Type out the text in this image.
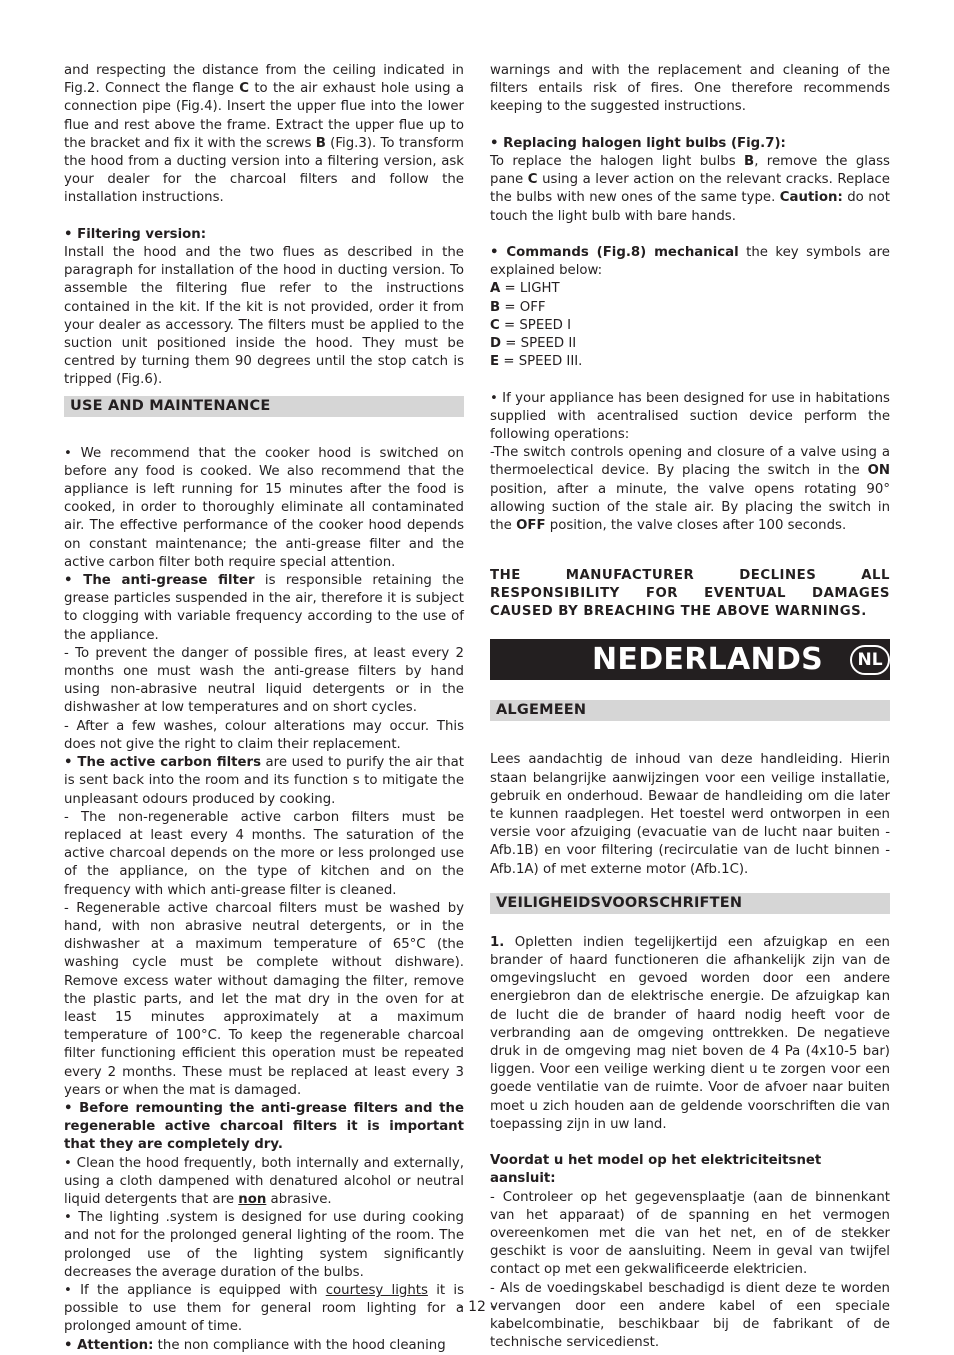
and respecting the distance from the ceiling indicated in Fig.2. Connect the flange C to the air exhaust hole using a connection pipe (Fig.4). Insert the upper flue into the lower flue and rest above the frame. Extract the upper flue up to the bracket and fix it with the screws B (Fig.3). To transform the hood from a ducting version into a filtering version, ask your dealer for the charcoal filters and follow the installation instructions.

• Filtering version:

Install the hood and the two flues as described in the paragraph for installation of the hood in ducting version. To assemble the filtering flue refer to the instructions contained in the kit. If the kit is not provided, order it from your dealer as accessory. The filters must be applied to the suction unit positioned inside the hood. They must be centred by turning them 90 degrees until the stop catch is tripped (Fig.6).

USE AND MAINTENANCE

• We recommend that the cooker hood is switched on before any food is cooked. We also recommend that the appliance is left running for 15 minutes after the food is cooked, in order to thoroughly eliminate all contaminated air. The effective performance of the cooker hood depends on constant maintenance; the anti-grease filter and the active carbon filter both require special attention.

• The anti-grease filter is responsible retaining the grease particles suspended in the air, therefore it is subject to clogging with variable frequency according to the use of the appliance.

- To prevent the danger of possible fires, at least every 2 months one must wash the anti-grease filters by hand using non-abrasive neutral liquid detergents or in the dishwasher at low temperatures and on short cycles.

- After a few washes, colour alterations may occur. This does not give the right to claim their replacement.

• The active carbon filters are used to purify the air that is sent back into the room and its function s to mitigate the unpleasant odours produced by cooking.

- The non-regenerable active carbon filters must be replaced at least every 4 months. The saturation of the active charcoal depends on the more or less prolonged use of the appliance, on the type of kitchen and on the frequency with which anti-grease filter is cleaned.

- Regenerable active charcoal filters must be washed by hand, with non abrasive neutral detergents, or in the dishwasher at a maximum temperature of 65°C (the washing cycle must be complete without dishware). Remove excess water without damaging the filter, remove the plastic parts, and let the mat dry in the oven for at least 15 minutes approximately at a maximum temperature of 100°C. To keep the regenerable charcoal filter functioning efficient this operation must be repeated every 2 months. These must be replaced at least every 3 years or when the mat is damaged.

• Before remounting the anti-grease filters and the regenerable active charcoal filters it is important that they are completely dry.

• Clean the hood frequently, both internally and externally, using a cloth dampened with denatured alcohol or neutral liquid detergents that are non abrasive.

• The lighting .system is designed for use during cooking and not for the prolonged general lighting of the room. The prolonged use of the lighting system significantly decreases the average duration of the bulbs.

• If the appliance is equipped with courtesy lights it is possible to use them for general room lighting for a prolonged amount of time.

• Attention: the non compliance with the hood cleaning

warnings and with the replacement and cleaning of the filters entails risk of fires. One therefore recommends keeping to the suggested instructions.

• Replacing halogen light bulbs (Fig.7):

To replace the halogen light bulbs B, remove the glass pane C using a lever action on the relevant cracks. Replace the bulbs with new ones of the same type. Caution: do not touch the light bulb with bare hands.

• Commands (Fig.8) mechanical the key symbols are explained below:

A = LIGHT

B = OFF

C = SPEED I

D = SPEED II

E = SPEED III.

• If your appliance has been designed for use in habitations supplied with acentralised suction device perform the following operations:

-The switch controls opening and closure of a valve using a thermoelectical device. By placing the switch in the ON position, after a minute, the valve opens rotating 90° allowing suction of the stale air. By placing the switch in the OFF position, the valve closes after 100 seconds.

THE MANUFACTURER DECLINES ALL RESPONSIBILITY FOR EVENTUAL DAMAGES CAUSED BY BREACHING THE ABOVE WARNINGS.

NEDERLANDS	NL
ALGEMEEN

Lees aandachtig de inhoud van deze handleiding. Hierin staan belangrijke aanwijzingen voor een veilige installatie, gebruik en onderhoud. Bewaar de handleiding om die later te kunnen raadplegen. Het toestel werd ontworpen in een versie voor afzuiging (evacuatie van de lucht naar buiten - Afb.1B) en voor filtering (recirculatie van de lucht binnen - Afb.1A) of met externe motor (Afb.1C).

VEILIGHEIDSVOORSCHRIFTEN

1. Opletten indien tegelijkertijd een afzuigkap en een brander of haard functioneren die afhankelijk zijn van de omgevingslucht en gevoed worden door een andere energiebron dan de elektrische energie. De afzuigkap kan de lucht die de brander of haard nodig heeft voor de verbranding aan de omgeving onttrekken. De negatieve druk in de omgeving mag niet boven de 4 Pa (4x10-5 bar) liggen. Voor een veilige werking dient u te zorgen voor een goede ventilatie van de ruimte. Voor de afvoer naar buiten moet u zich houden aan de geldende voorschriften die van toepassing zijn in uw land.

Voordat u het model op het elektriciteitsnet aansluit:

- Controleer op het gegevensplaatje (aan de binnenkant van het apparaat) of de spanning en het vermogen overeenkomen met die van het net, en of de stekker geschikt is voor de aansluiting. Neem in geval van twijfel contact op met een gekwalificeerde elektricien.

- Als de voedingskabel beschadigd is dient deze te worden vervangen door een andere kabel of een speciale kabelcombinatie, beschikbaar bij de fabrikant of de technische servicedienst.

- 12 -
